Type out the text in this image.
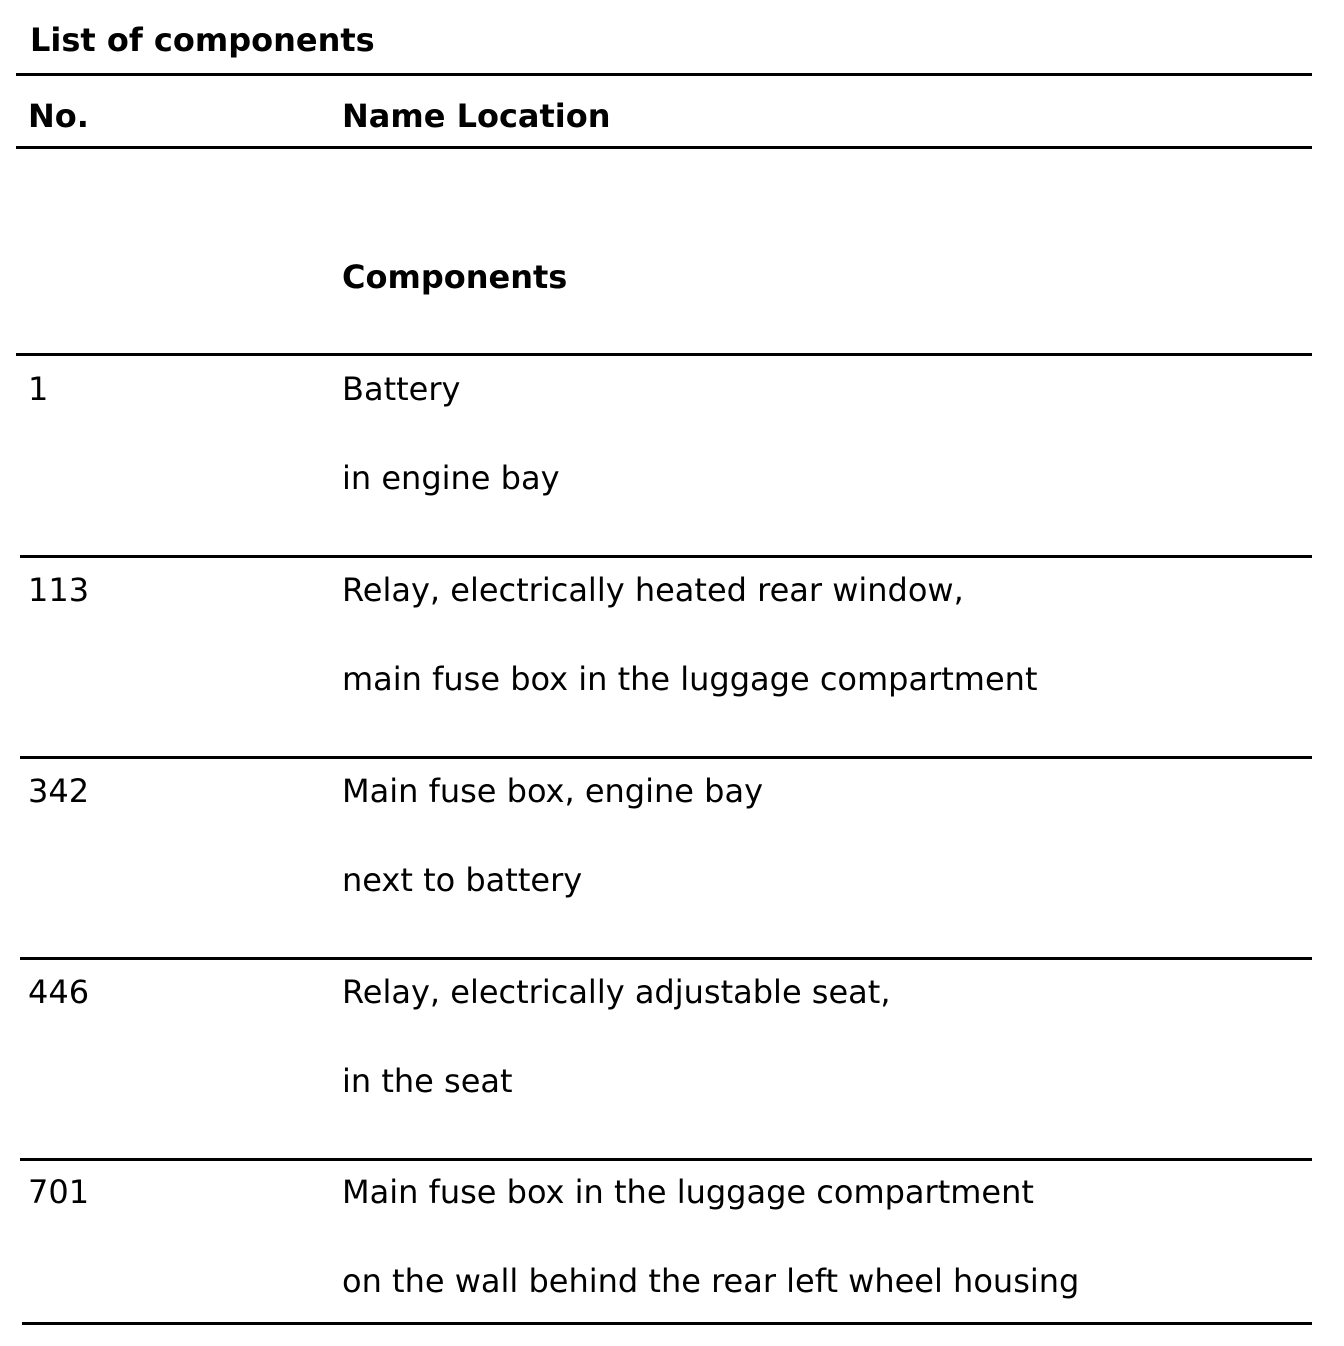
List of components
No.	Name Location
Components
1	Battery
in engine bay
113	Relay, electrically heated rear window,
main fuse box in the luggage compartment
342	Main fuse box, engine bay
next to battery
446	Relay, electrically adjustable seat,
in the seat
701	Main fuse box in the luggage compartment
on the wall behind the rear left wheel housing
